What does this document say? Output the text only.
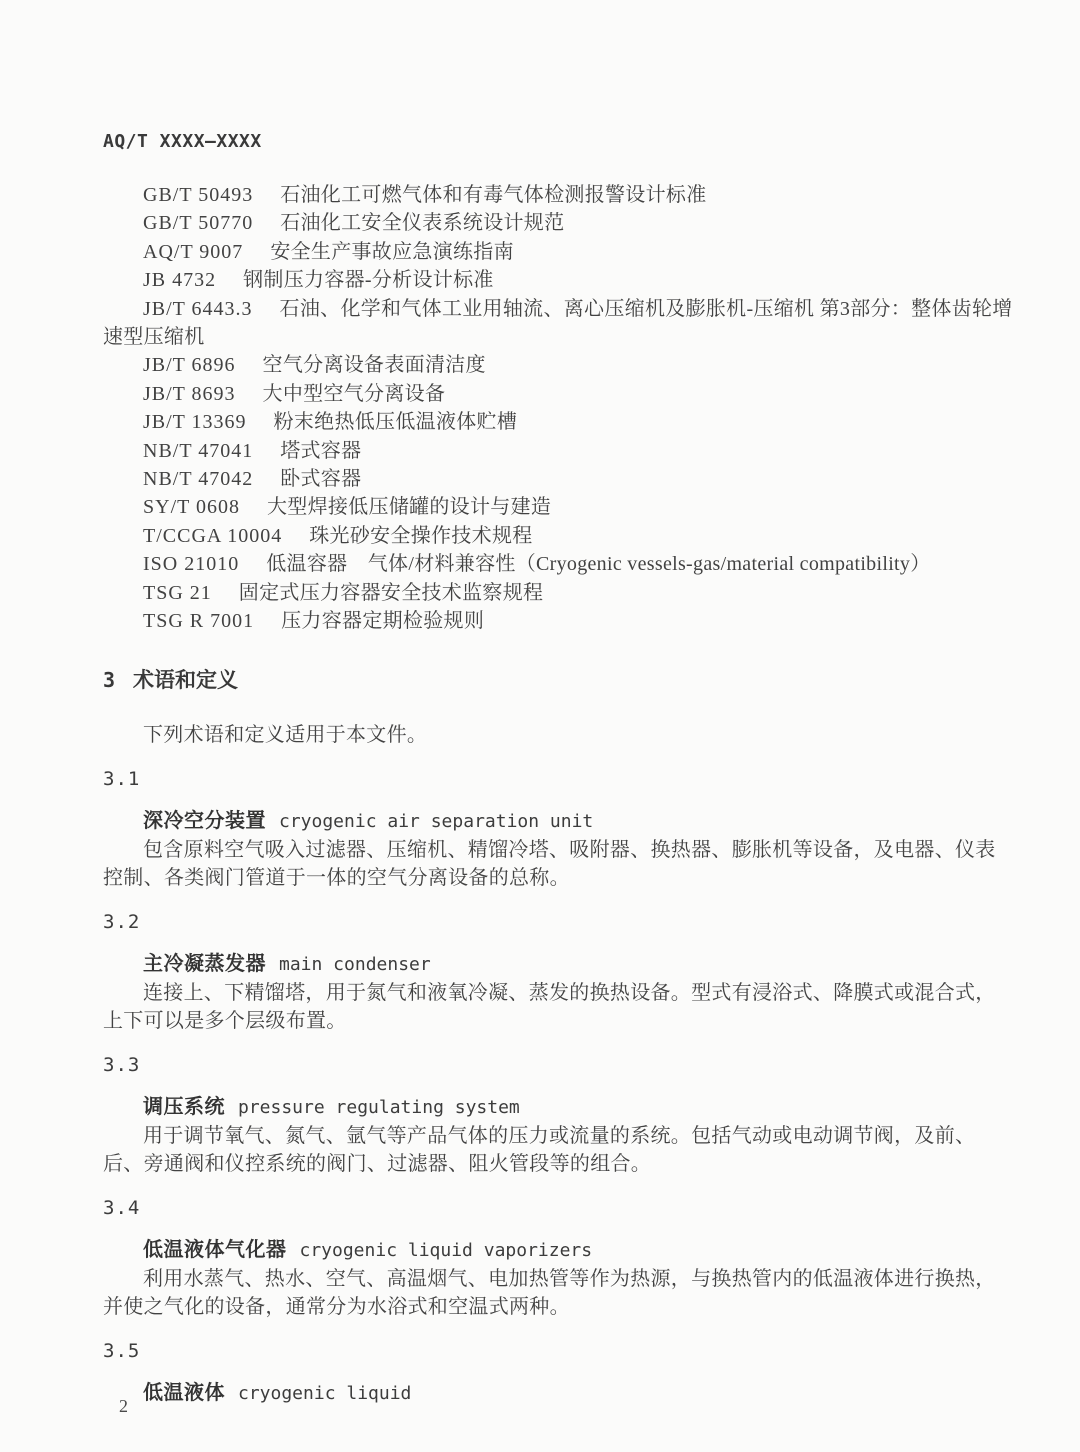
AQ/T XXXX—XXXX

GB/T 50493 石油化工可燃气体和有毒气体检测报警设计标准

GB/T 50770 石油化工安全仪表系统设计规范

AQ/T 9007 安全生产事故应急演练指南

JB 4732 钢制压力容器-分析设计标准

JB/T 6443.3 石油、化学和气体工业用轴流、离心压缩机及膨胀机-压缩机 第3部分：整体齿轮增速型压缩机

JB/T 6896 空气分离设备表面清洁度

JB/T 8693 大中型空气分离设备

JB/T 13369 粉末绝热低压低温液体贮槽

NB/T 47041 塔式容器

NB/T 47042 卧式容器

SY/T 0608 大型焊接低压储罐的设计与建造

T/CCGA 10004 珠光砂安全操作技术规程

ISO 21010 低温容器　气体/材料兼容性（Cryogenic vessels-gas/material compatibility）

TSG 21 固定式压力容器安全技术监察规程

TSG R 7001 压力容器定期检验规则

3 术语和定义

下列术语和定义适用于本文件。

3.1

深冷空分装置 cryogenic air separation unit

包含原料空气吸入过滤器、压缩机、精馏冷塔、吸附器、换热器、膨胀机等设备，及电器、仪表控制、各类阀门管道于一体的空气分离设备的总称。

3.2

主冷凝蒸发器 main condenser

连接上、下精馏塔，用于氮气和液氧冷凝、蒸发的换热设备。型式有浸浴式、降膜式或混合式，上下可以是多个层级布置。

3.3

调压系统 pressure regulating system

用于调节氧气、氮气、氩气等产品气体的压力或流量的系统。包括气动或电动调节阀，及前、后、旁通阀和仪控系统的阀门、过滤器、阻火管段等的组合。

3.4

低温液体气化器 cryogenic liquid vaporizers

利用水蒸气、热水、空气、高温烟气、电加热管等作为热源，与换热管内的低温液体进行换热，并使之气化的设备，通常分为水浴式和空温式两种。

3.5

低温液体 cryogenic liquid

2
